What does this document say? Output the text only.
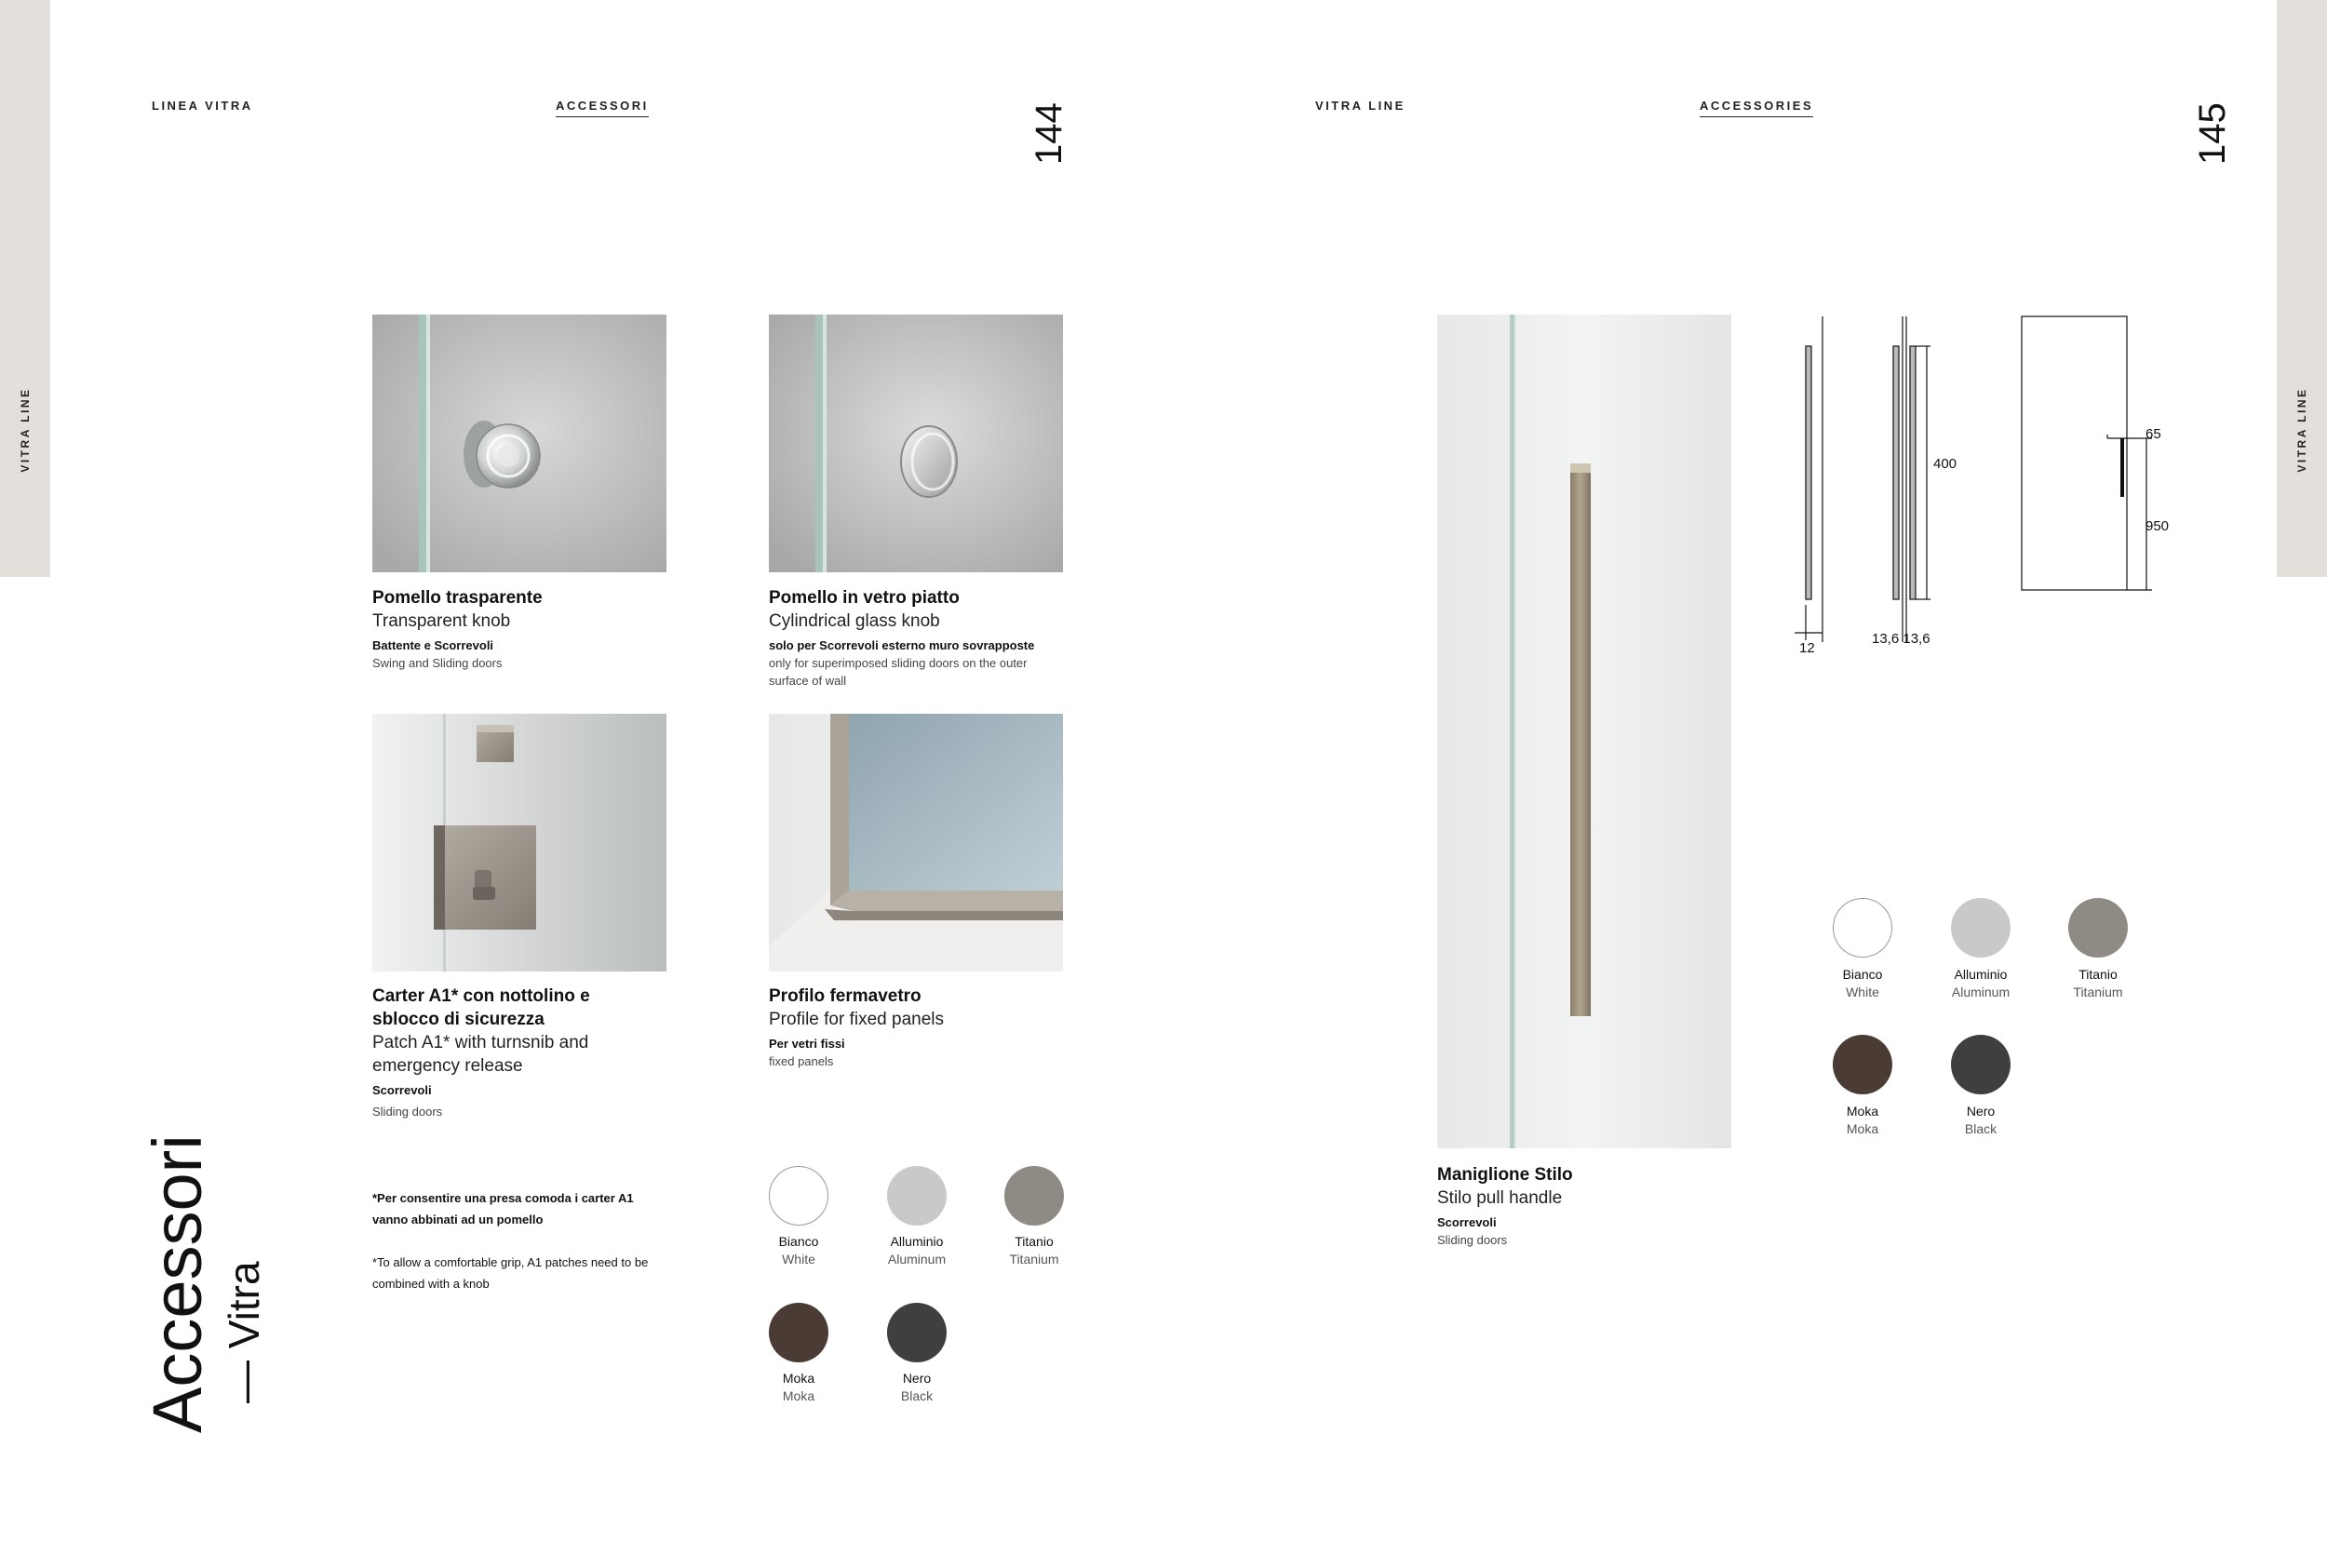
VITRA LINE	VITRA LINE
LINEA VITRA	ACCESSORI	144	VITRA LINE	ACCESSORIES	145
Pomello trasparente
Transparent knob
Battente e Scorrevoli
Swing and Sliding doors
Pomello in vetro piatto
Cylindrical glass knob
solo per Scorrevoli esterno muro sovrapposte
only for superimposed sliding doors on the outer surface of wall
Carter A1* con nottolino e
sblocco di sicurezza
Patch A1* with turnsnib and
emergency release
Scorrevoli
Sliding doors
Profilo fermavetro
Profile for fixed panels
Per vetri fissi
fixed panels
*Per consentire una presa comoda i carter A1 vanno abbinati ad un pomello
*To allow a comfortable grip, A1 patches need to be combined with a knob
Accessori — Vitra
Bianco
White
Alluminio
Aluminum
Titanio
Titanium
Moka
Moka
Nero
Black
Maniglione Stilo
Stilo pull handle
Scorrevoli
Sliding doors
12
13,6 13,6
400
65
950
Bianco
White
Alluminio
Aluminum
Titanio
Titanium
Moka
Moka
Nero
Black
